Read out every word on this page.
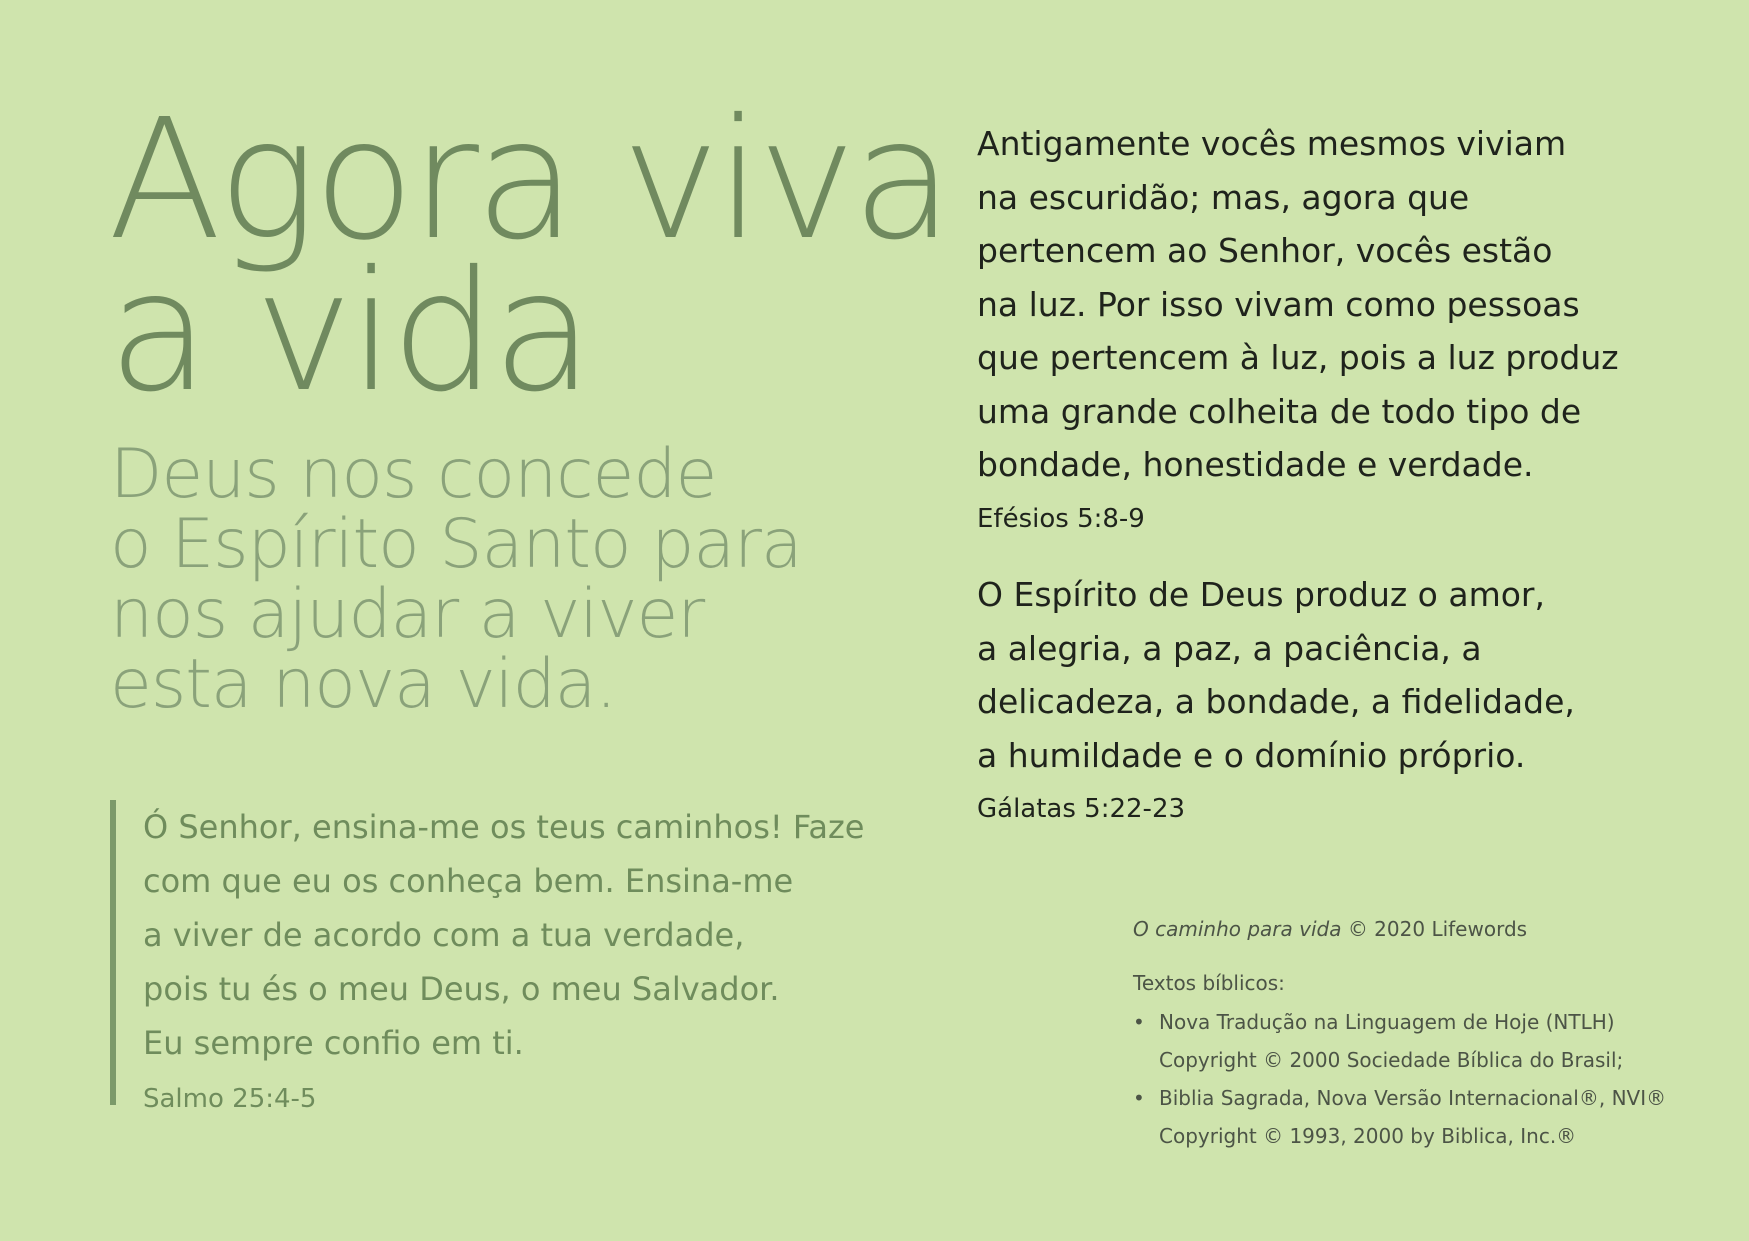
Agora viva
a vida
Deus nos concede
o Espírito Santo para
nos ajudar a viver
esta nova vida.

Ó Senhor, ensina-me os teus caminhos! Faze
com que eu os conheça bem. Ensina-me
a viver de acordo com a tua verdade,
pois tu és o meu Deus, o meu Salvador.
Eu sempre confio em ti.

Salmo 25:4-5

Antigamente vocês mesmos viviam
na escuridão; mas, agora que
pertencem ao Senhor, vocês estão
na luz. Por isso vivam como pessoas
que pertencem à luz, pois a luz produz
uma grande colheita de todo tipo de
bondade, honestidade e verdade.

Efésios 5:8-9

O Espírito de Deus produz o amor,
a alegria, a paz, a paciência, a
delicadeza, a bondade, a fidelidade,
a humildade e o domínio próprio.

Gálatas 5:22-23

O caminho para vida © 2020 Lifewords

Textos bíblicos:

• Nova Tradução na Linguagem de Hoje (NTLH)
Copyright © 2000 Sociedade Bíblica do Brasil;
• Biblia Sagrada, Nova Versão Internacional®, NVI®
Copyright © 1993, 2000 by Biblica, Inc.®
